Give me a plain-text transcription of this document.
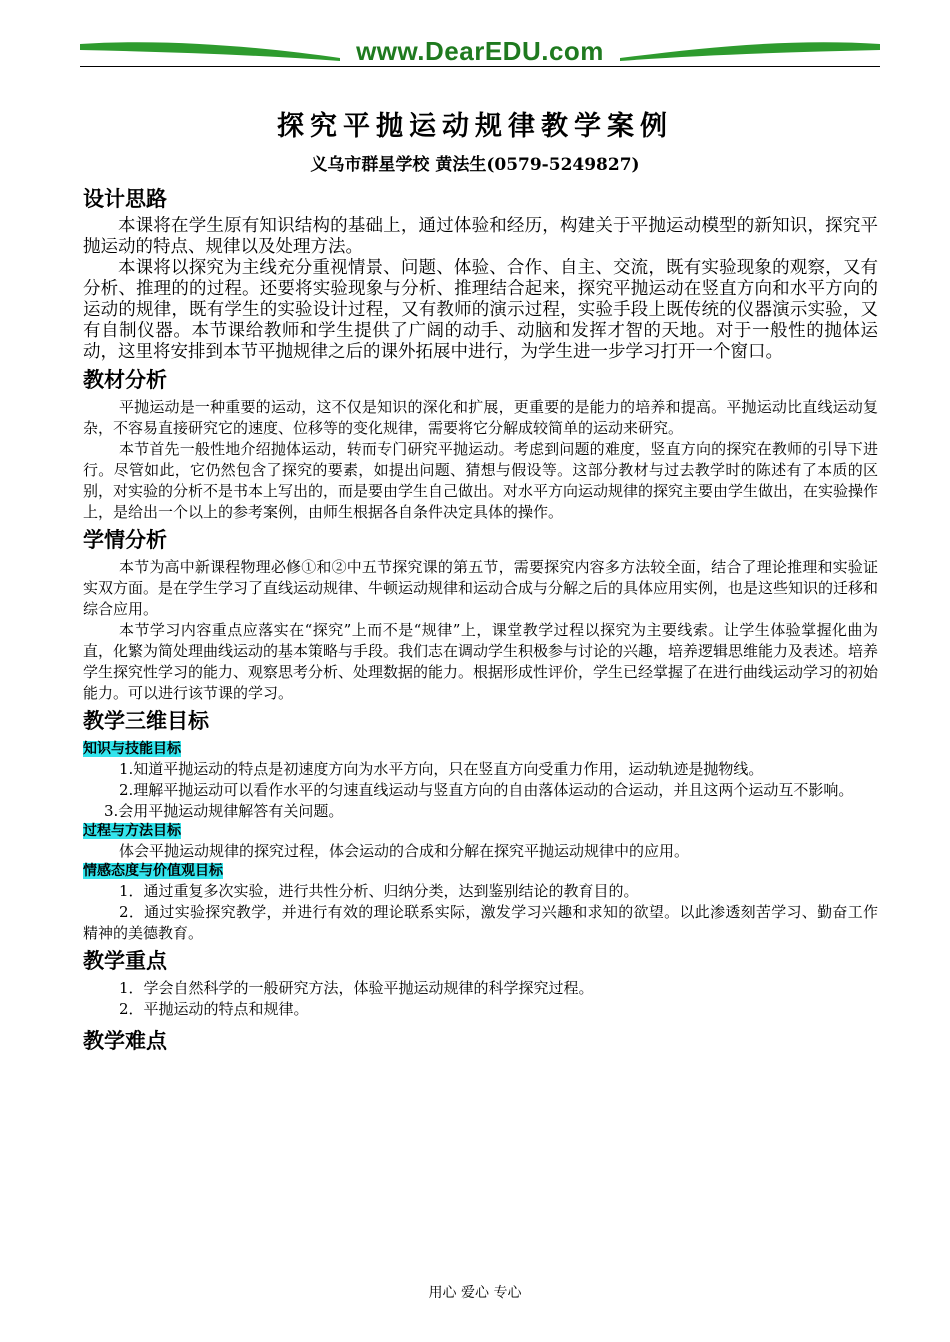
www.DearEDU.com
探究平抛运动规律教学案例
义乌市群星学校 黄法生(0579-5249827)
设计思路

本课将在学生原有知识结构的基础上，通过体验和经历，构建关于平抛运动模型的新知识，探究平抛运动的特点、规律以及处理方法。

本课将以探究为主线充分重视情景、问题、体验、合作、自主、交流，既有实验现象的观察，又有分析、推理的的过程。还要将实验现象与分析、推理结合起来，探究平抛运动在竖直方向和水平方向的运动的规律，既有学生的实验设计过程，又有教师的演示过程，实验手段上既传统的仪器演示实验，又有自制仪器。本节课给教师和学生提供了广阔的动手、动脑和发挥才智的天地。对于一般性的抛体运动，这里将安排到本节平抛规律之后的课外拓展中进行，为学生进一步学习打开一个窗口。

教材分析

平抛运动是一种重要的运动，这不仅是知识的深化和扩展，更重要的是能力的培养和提高。平抛运动比直线运动复杂，不容易直接研究它的速度、位移等的变化规律，需要将它分解成较简单的运动来研究。

本节首先一般性地介绍抛体运动，转而专门研究平抛运动。考虑到问题的难度，竖直方向的探究在教师的引导下进行。尽管如此，它仍然包含了探究的要素，如提出问题、猜想与假设等。这部分教材与过去教学时的陈述有了本质的区别，对实验的分析不是书本上写出的，而是要由学生自己做出。对水平方向运动规律的探究主要由学生做出，在实验操作上，是给出一个以上的参考案例，由师生根据各自条件决定具体的操作。

学情分析

本节为高中新课程物理必修①和②中五节探究课的第五节，需要探究内容多方法较全面，结合了理论推理和实验证实双方面。是在学生学习了直线运动规律、牛顿运动规律和运动合成与分解之后的具体应用实例，也是这些知识的迁移和综合应用。

本节学习内容重点应落实在“探究”上而不是“规律”上，课堂教学过程以探究为主要线索。让学生体验掌握化曲为直，化繁为简处理曲线运动的基本策略与手段。我们志在调动学生积极参与讨论的兴趣，培养逻辑思维能力及表述。培养学生探究性学习的能力、观察思考分析、处理数据的能力。根据形成性评价，学生已经掌握了在进行曲线运动学习的初始能力。可以进行该节课的学习。

教学三维目标
知识与技能目标

1.知道平抛运动的特点是初速度方向为水平方向，只在竖直方向受重力作用，运动轨迹是抛物线。

2.理解平抛运动可以看作水平的匀速直线运动与竖直方向的自由落体运动的合运动，并且这两个运动互不影响。

3.会用平抛运动规律解答有关问题。

过程与方法目标

体会平抛运动规律的探究过程，体会运动的合成和分解在探究平抛运动规律中的应用。

情感态度与价值观目标

1．通过重复多次实验，进行共性分析、归纳分类，达到鉴别结论的教育目的。

2．通过实验探究教学，并进行有效的理论联系实际，激发学习兴趣和求知的欲望。以此渗透刻苦学习、勤奋工作精神的美德教育。

教学重点

1．学会自然科学的一般研究方法，体验平抛运动规律的科学探究过程。

2．平抛运动的特点和规律。

教学难点
用心 爱心 专心
